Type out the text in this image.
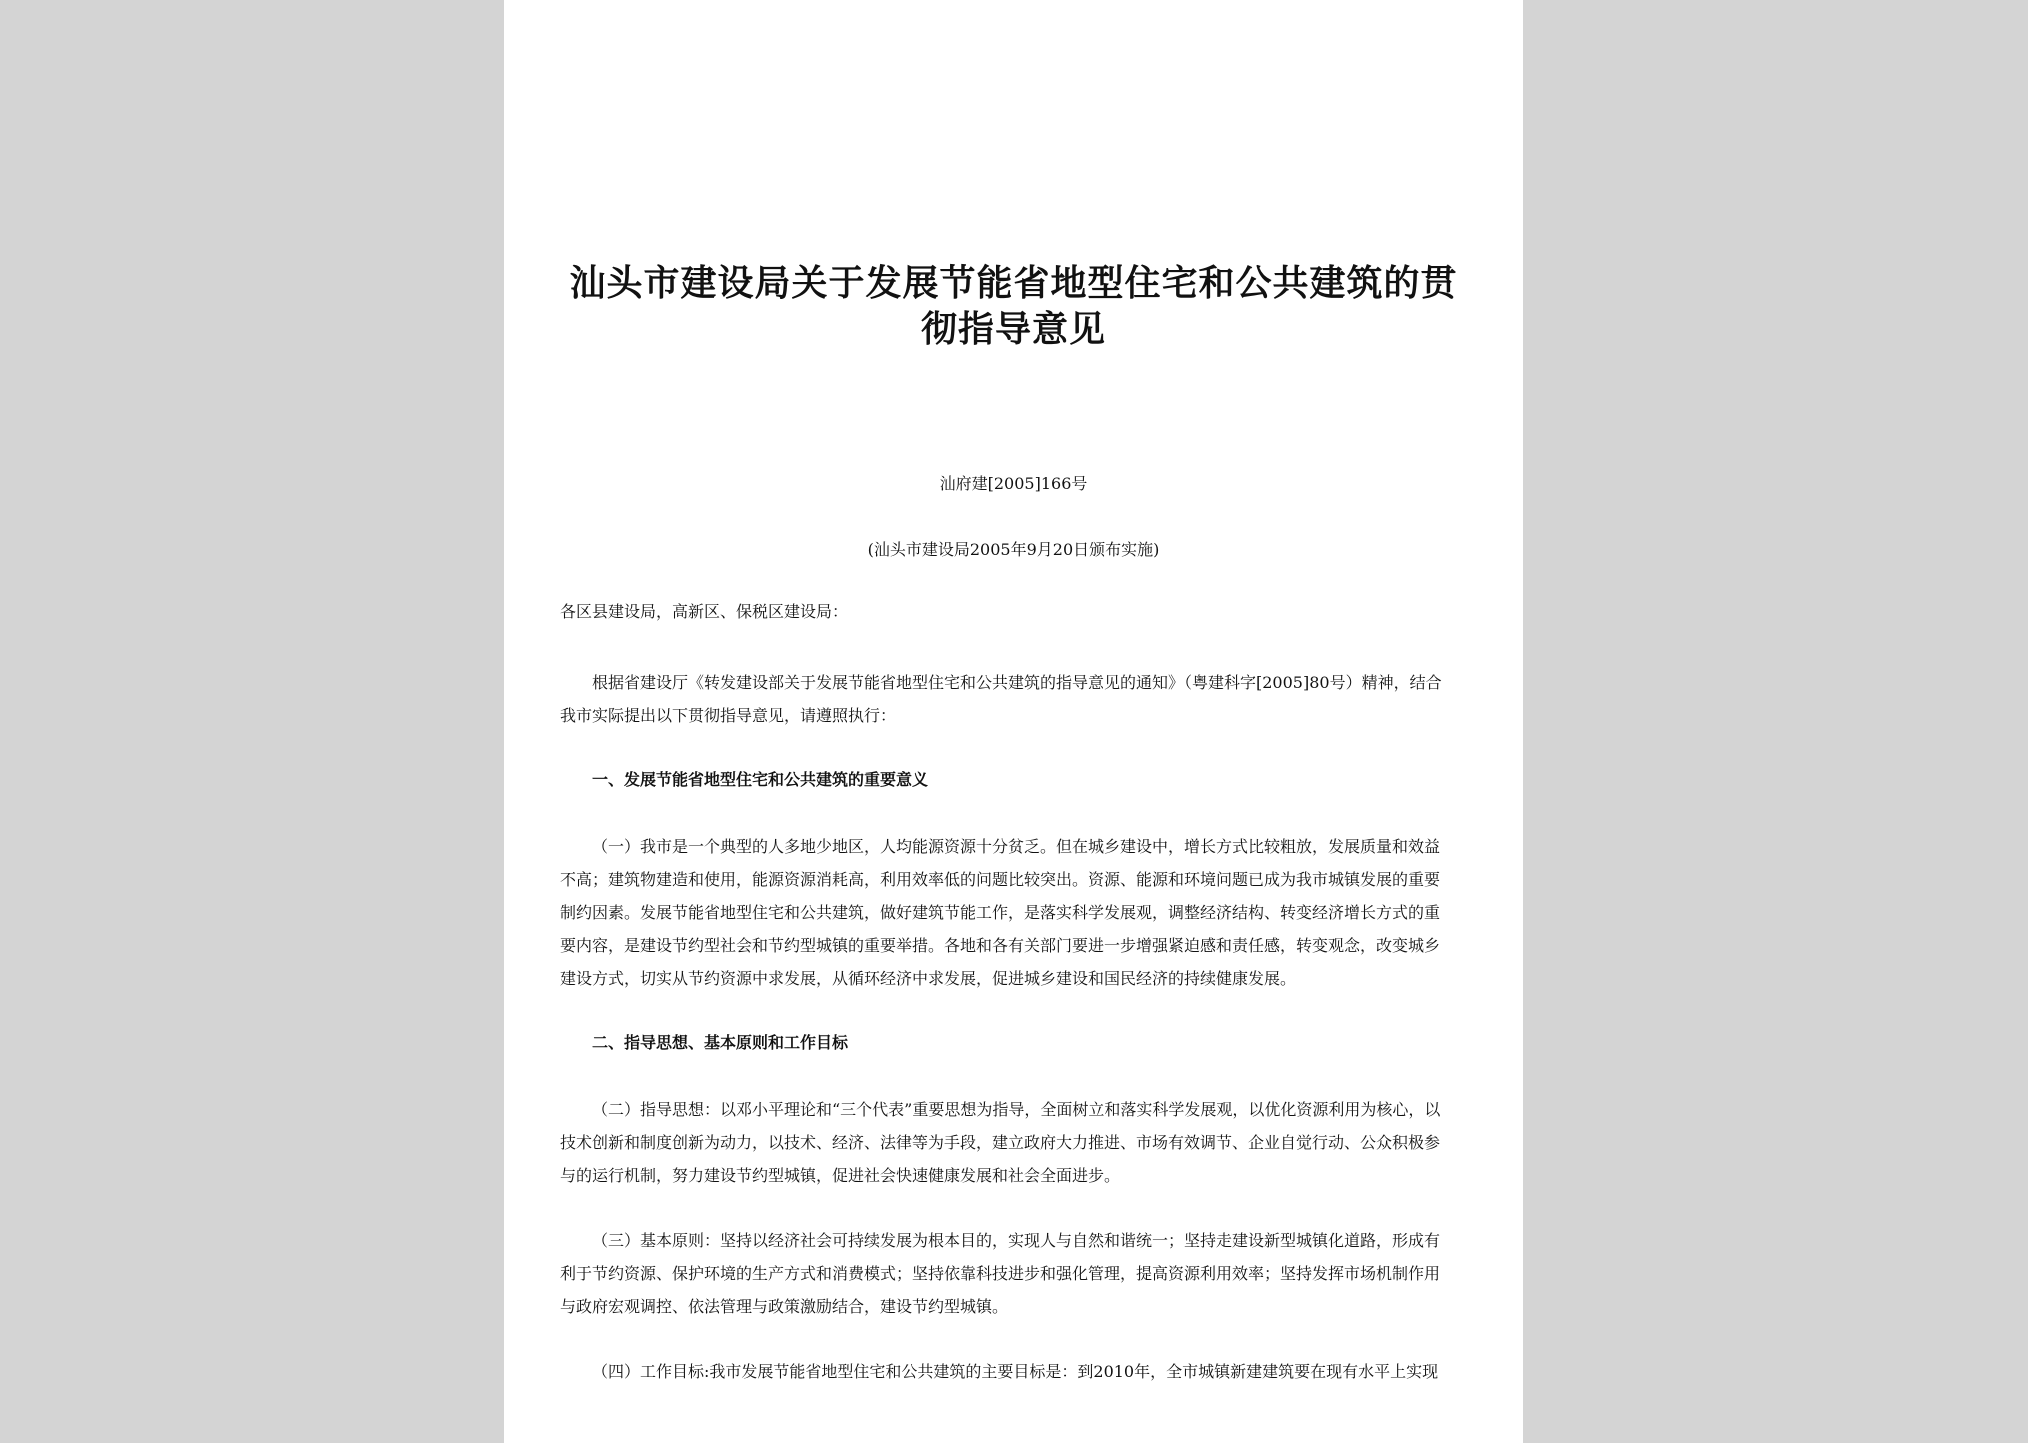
汕头市建设局关于发展节能省地型住宅和公共建筑的贯
彻指导意见
汕府建[2005]166号
(汕头市建设局2005年9月20日颁布实施)
各区县建设局，高新区、保税区建设局：
根据省建设厅《转发建设部关于发展节能省地型住宅和公共建筑的指导意见的通知》（粤建科字[2005]80号）精神，结合
我市实际提出以下贯彻指导意见，请遵照执行：
一、发展节能省地型住宅和公共建筑的重要意义
（一）我市是一个典型的人多地少地区，人均能源资源十分贫乏。但在城乡建设中，增长方式比较粗放，发展质量和效益
不高；建筑物建造和使用，能源资源消耗高，利用效率低的问题比较突出。资源、能源和环境问题已成为我市城镇发展的重要
制约因素。发展节能省地型住宅和公共建筑，做好建筑节能工作，是落实科学发展观，调整经济结构、转变经济增长方式的重
要内容，是建设节约型社会和节约型城镇的重要举措。各地和各有关部门要进一步增强紧迫感和责任感，转变观念，改变城乡
建设方式，切实从节约资源中求发展，从循环经济中求发展，促进城乡建设和国民经济的持续健康发展。
二、指导思想、基本原则和工作目标
（二）指导思想：以邓小平理论和“三个代表”重要思想为指导，全面树立和落实科学发展观，以优化资源利用为核心，以
技术创新和制度创新为动力，以技术、经济、法律等为手段，建立政府大力推进、市场有效调节、企业自觉行动、公众积极参
与的运行机制，努力建设节约型城镇，促进社会快速健康发展和社会全面进步。
（三）基本原则：坚持以经济社会可持续发展为根本目的，实现人与自然和谐统一；坚持走建设新型城镇化道路，形成有
利于节约资源、保护环境的生产方式和消费模式；坚持依靠科技进步和强化管理，提高资源利用效率；坚持发挥市场机制作用
与政府宏观调控、依法管理与政策激励结合，建设节约型城镇。
（四）工作目标:我市发展节能省地型住宅和公共建筑的主要目标是：到2010年，全市城镇新建建筑要在现有水平上实现
